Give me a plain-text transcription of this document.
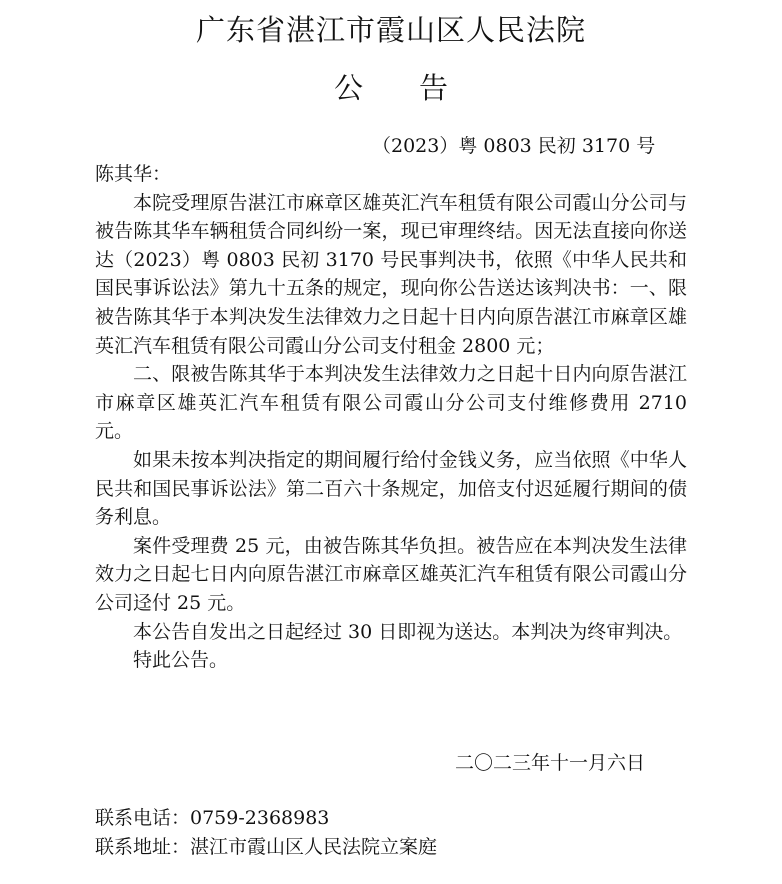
广东省湛江市霞山区人民法院
公 告
（2023）粤 0803 民初 3170 号

陈其华：

本院受理原告湛江市麻章区雄英汇汽车租赁有限公司霞山分公司与被告陈其华车辆租赁合同纠纷一案，现已审理终结。因无法直接向你送达（2023）粤 0803 民初 3170 号民事判决书，依照《中华人民共和国民事诉讼法》第九十五条的规定，现向你公告送达该判决书：一、限被告陈其华于本判决发生法律效力之日起十日内向原告湛江市麻章区雄英汇汽车租赁有限公司霞山分公司支付租金 2800 元；

二、限被告陈其华于本判决发生法律效力之日起十日内向原告湛江市麻章区雄英汇汽车租赁有限公司霞山分公司支付维修费用 2710 元。

如果未按本判决指定的期间履行给付金钱义务，应当依照《中华人民共和国民事诉讼法》第二百六十条规定，加倍支付迟延履行期间的债务利息。

案件受理费 25 元，由被告陈其华负担。被告应在本判决发生法律效力之日起七日内向原告湛江市麻章区雄英汇汽车租赁有限公司霞山分公司迳付 25 元。

本公告自发出之日起经过 30 日即视为送达。本判决为终审判决。

特此公告。

二〇二三年十一月六日
联系电话：0759-2368983
联系地址：湛江市霞山区人民法院立案庭
